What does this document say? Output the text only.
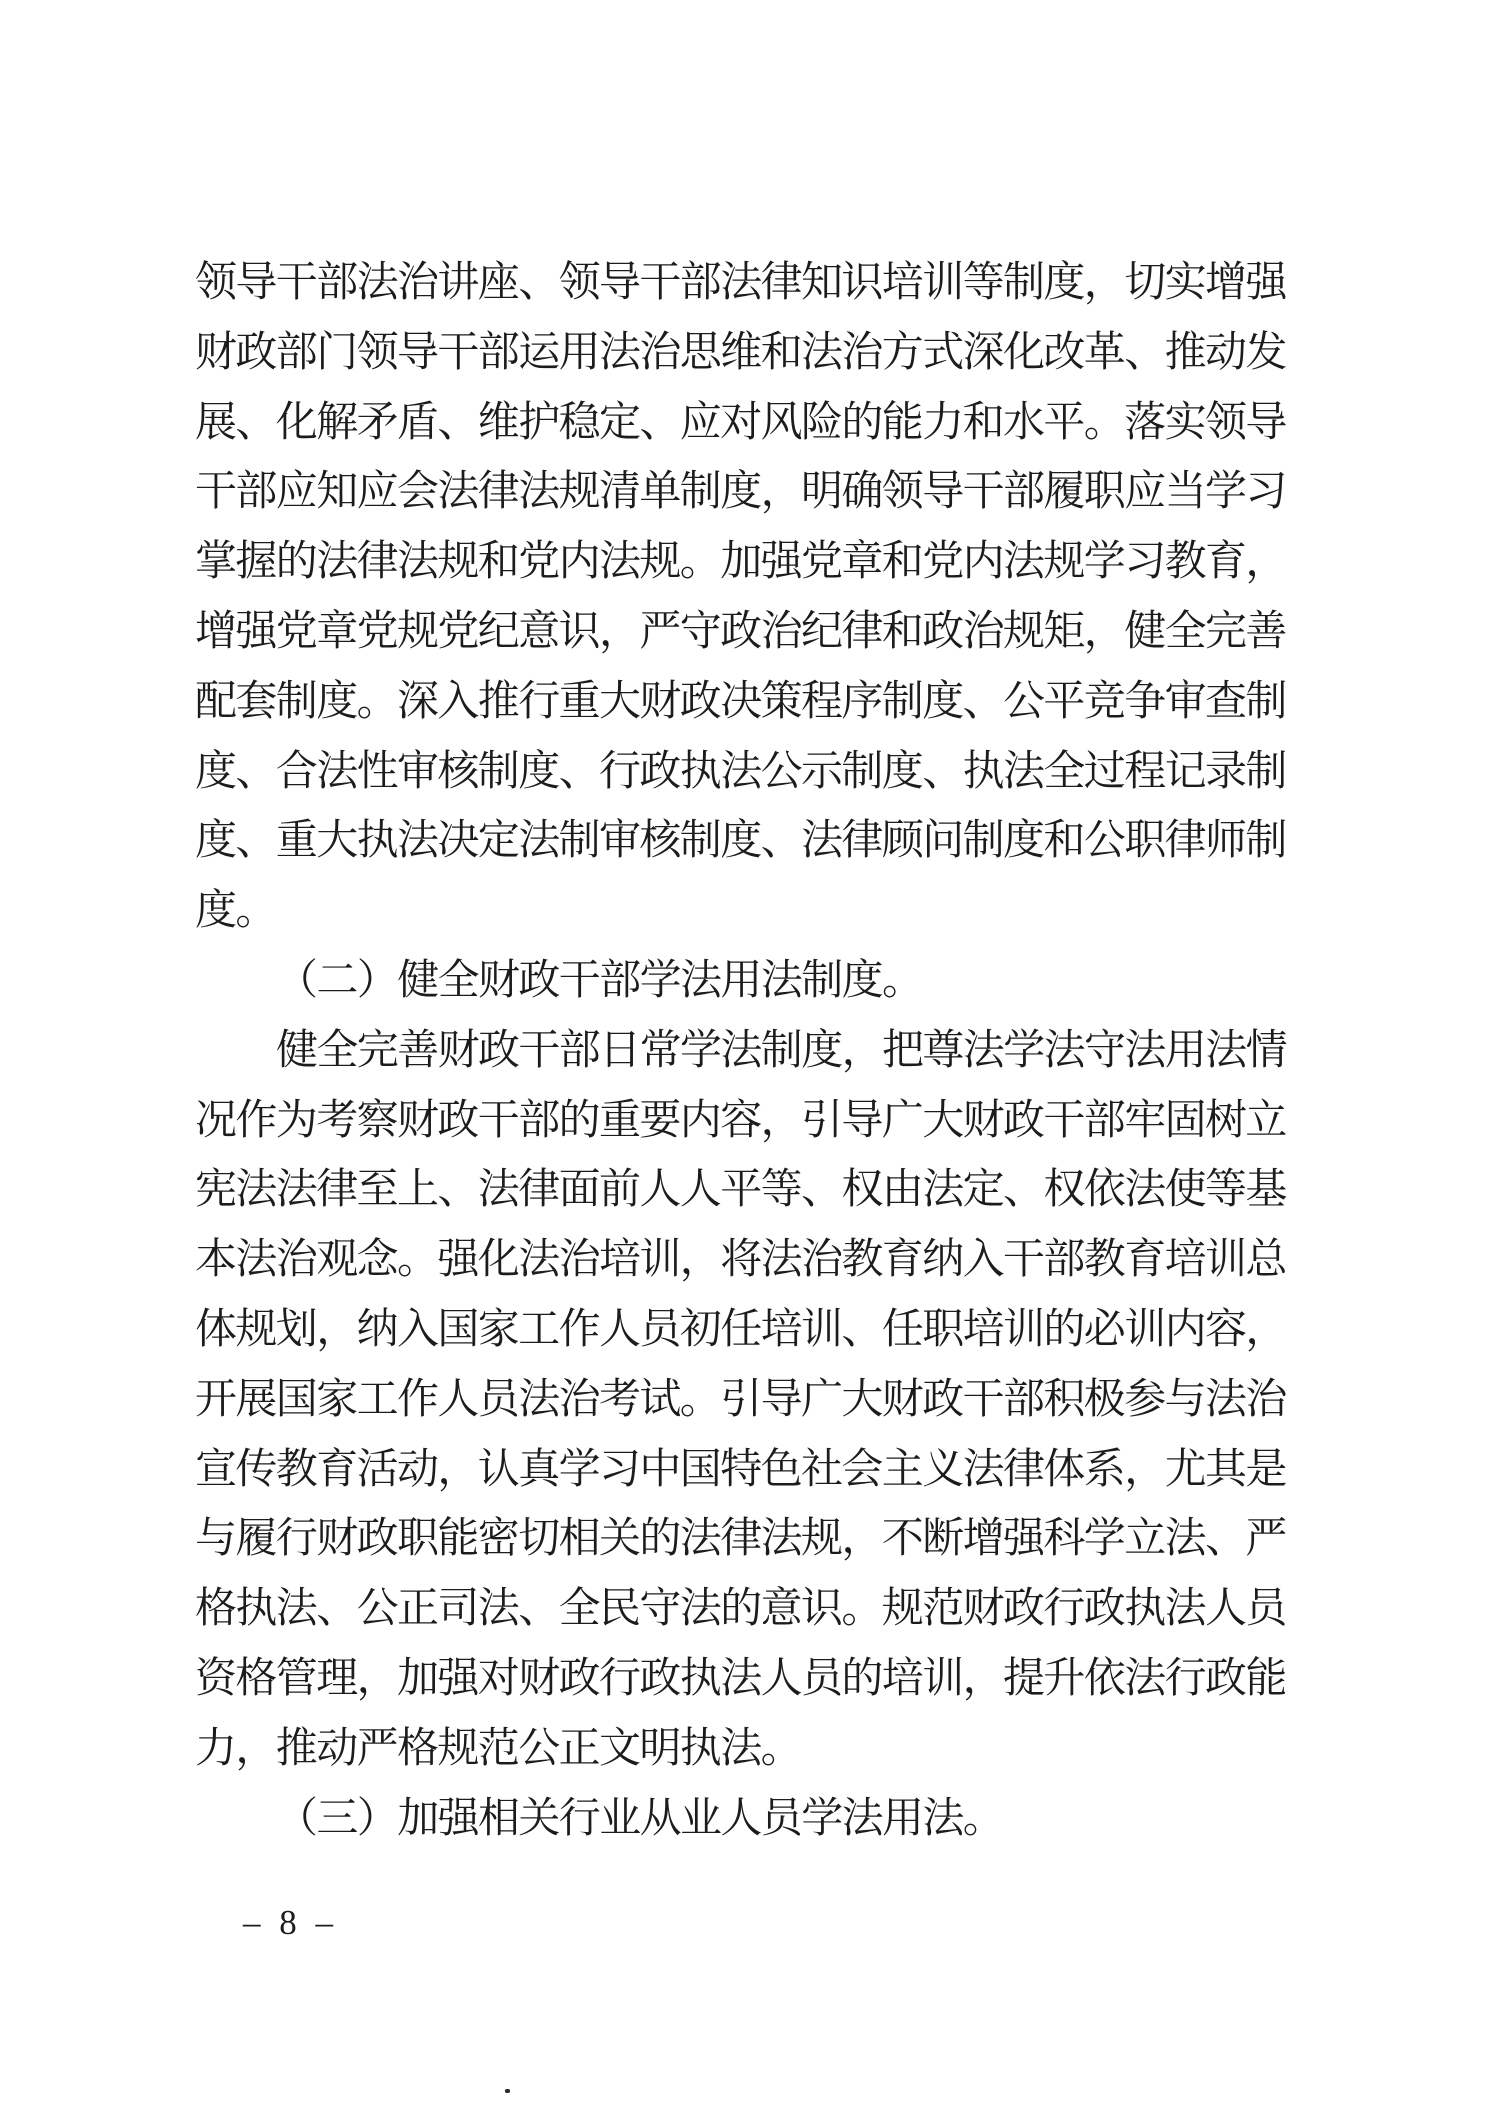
领导干部法治讲座、领导干部法律知识培训等制度，切实增强
财政部门领导干部运用法治思维和法治方式深化改革、推动发
展、化解矛盾、维护稳定、应对风险的能力和水平。落实领导
干部应知应会法律法规清单制度，明确领导干部履职应当学习
掌握的法律法规和党内法规。加强党章和党内法规学习教育，
增强党章党规党纪意识，严守政治纪律和政治规矩，健全完善
配套制度。深入推行重大财政决策程序制度、公平竞争审查制
度、合法性审核制度、行政执法公示制度、执法全过程记录制
度、重大执法决定法制审核制度、法律顾问制度和公职律师制
度。
（二）健全财政干部学法用法制度。
健全完善财政干部日常学法制度，把尊法学法守法用法情
况作为考察财政干部的重要内容，引导广大财政干部牢固树立
宪法法律至上、法律面前人人平等、权由法定、权依法使等基
本法治观念。强化法治培训，将法治教育纳入干部教育培训总
体规划，纳入国家工作人员初任培训、任职培训的必训内容，
开展国家工作人员法治考试。引导广大财政干部积极参与法治
宣传教育活动，认真学习中国特色社会主义法律体系，尤其是
与履行财政职能密切相关的法律法规，不断增强科学立法、严
格执法、公正司法、全民守法的意识。规范财政行政执法人员
资格管理，加强对财政行政执法人员的培训，提升依法行政能
力，推动严格规范公正文明执法。
（三）加强相关行业从业人员学法用法。
– 8 –
